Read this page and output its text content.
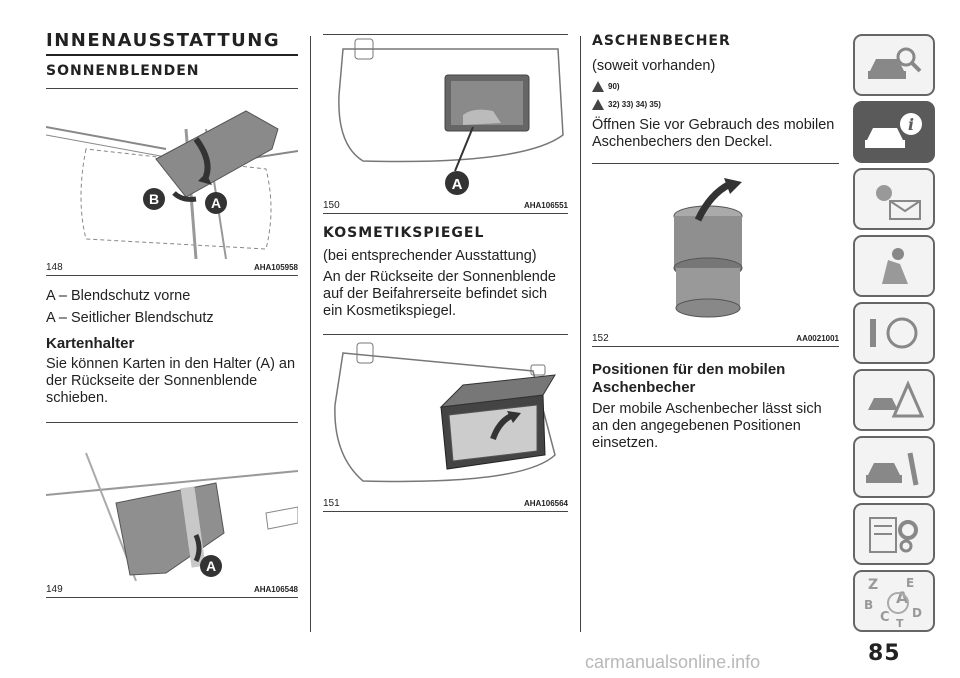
INNENAUSSTATTUNG
SONNENBLENDEN
B	A
148	AHA105958

A – Blendschutz vorne

A – Seitlicher Blendschutz

Kartenhalter

Sie können Karten in den Halter (A) an der Rückseite der Sonnenblende schieben.

A
149	AHA106548
A
150	AHA106551
KOSMETIKSPIEGEL

(bei entsprechender Ausstattung)

An der Rückseite der Sonnenblende auf der Beifahrerseite befindet sich ein Kosmetikspiegel.

151	AHA106564
ASCHENBECHER

(soweit vorhanden)

90)
32) 33) 34) 35)

Öffnen Sie vor Gebrauch des mobilen Aschenbechers den Deckel.

152	AA0021001
Positionen für den mobilen Aschenbecher

Der mobile Aschenbecher lässt sich an den angegebenen Positionen einsetzen.

i
Z E
A
B
C D
T
85
carmanualsonline.info
